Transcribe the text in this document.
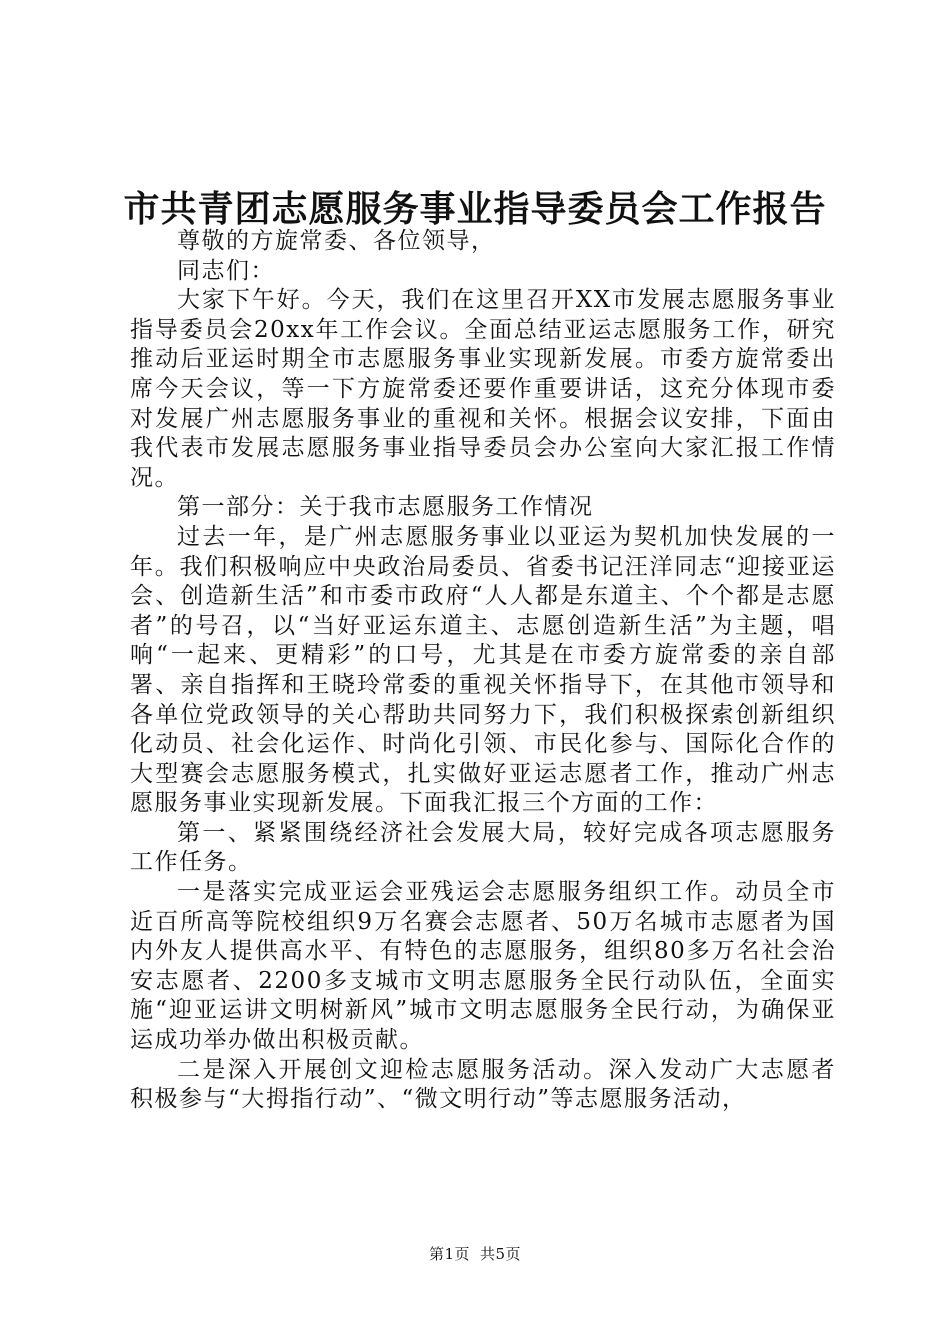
市共青团志愿服务事业指导委员会工作报告

尊敬的方旋常委、各位领导，

同志们：

大家下午好。今天，我们在这里召开XX市发展志愿服务事业指导委员会20xx年工作会议。全面总结亚运志愿服务工作，研究推动后亚运时期全市志愿服务事业实现新发展。市委方旋常委出席今天会议，等一下方旋常委还要作重要讲话，这充分体现市委对发展广州志愿服务事业的重视和关怀。根据会议安排，下面由我代表市发展志愿服务事业指导委员会办公室向大家汇报工作情况。

第一部分：关于我市志愿服务工作情况

过去一年，是广州志愿服务事业以亚运为契机加快发展的一年。我们积极响应中央政治局委员、省委书记汪洋同志“迎接亚运会、创造新生活”和市委市政府“人人都是东道主、个个都是志愿者”的号召，以“当好亚运东道主、志愿创造新生活”为主题，唱响“一起来、更精彩”的口号，尤其是在市委方旋常委的亲自部署、亲自指挥和王晓玲常委的重视关怀指导下，在其他市领导和各单位党政领导的关心帮助共同努力下，我们积极探索创新组织化动员、社会化运作、时尚化引领、市民化参与、国际化合作的大型赛会志愿服务模式，扎实做好亚运志愿者工作，推动广州志愿服务事业实现新发展。下面我汇报三个方面的工作：

第一、紧紧围绕经济社会发展大局，较好完成各项志愿服务工作任务。

一是落实完成亚运会亚残运会志愿服务组织工作。动员全市近百所高等院校组织9万名赛会志愿者、50万名城市志愿者为国内外友人提供高水平、有特色的志愿服务，组织80多万名社会治安志愿者、2200多支城市文明志愿服务全民行动队伍，全面实施“迎亚运讲文明树新风”城市文明志愿服务全民行动，为确保亚运成功举办做出积极贡献。

二是深入开展创文迎检志愿服务活动。深入发动广大志愿者积极参与“大拇指行动”、“微文明行动”等志愿服务活动，

第1页 共5页
